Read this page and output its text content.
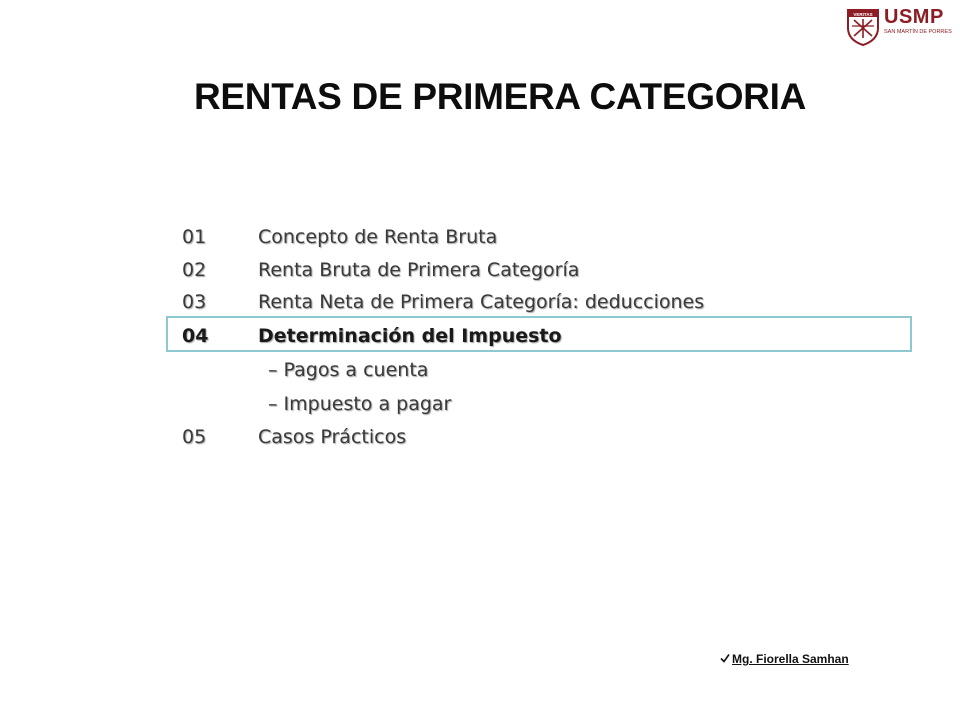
VERITAS USMP
SAN MARTÍN DE PORRES
RENTAS DE PRIMERA CATEGORIA
01	Concepto de Renta Bruta
02	Renta Bruta de Primera Categoría
03	Renta Neta de Primera Categoría: deducciones
04	Determinación del Impuesto
– Pagos a cuenta
– Impuesto a pagar
05	Casos Prácticos
Mg. Fiorella Samhan
